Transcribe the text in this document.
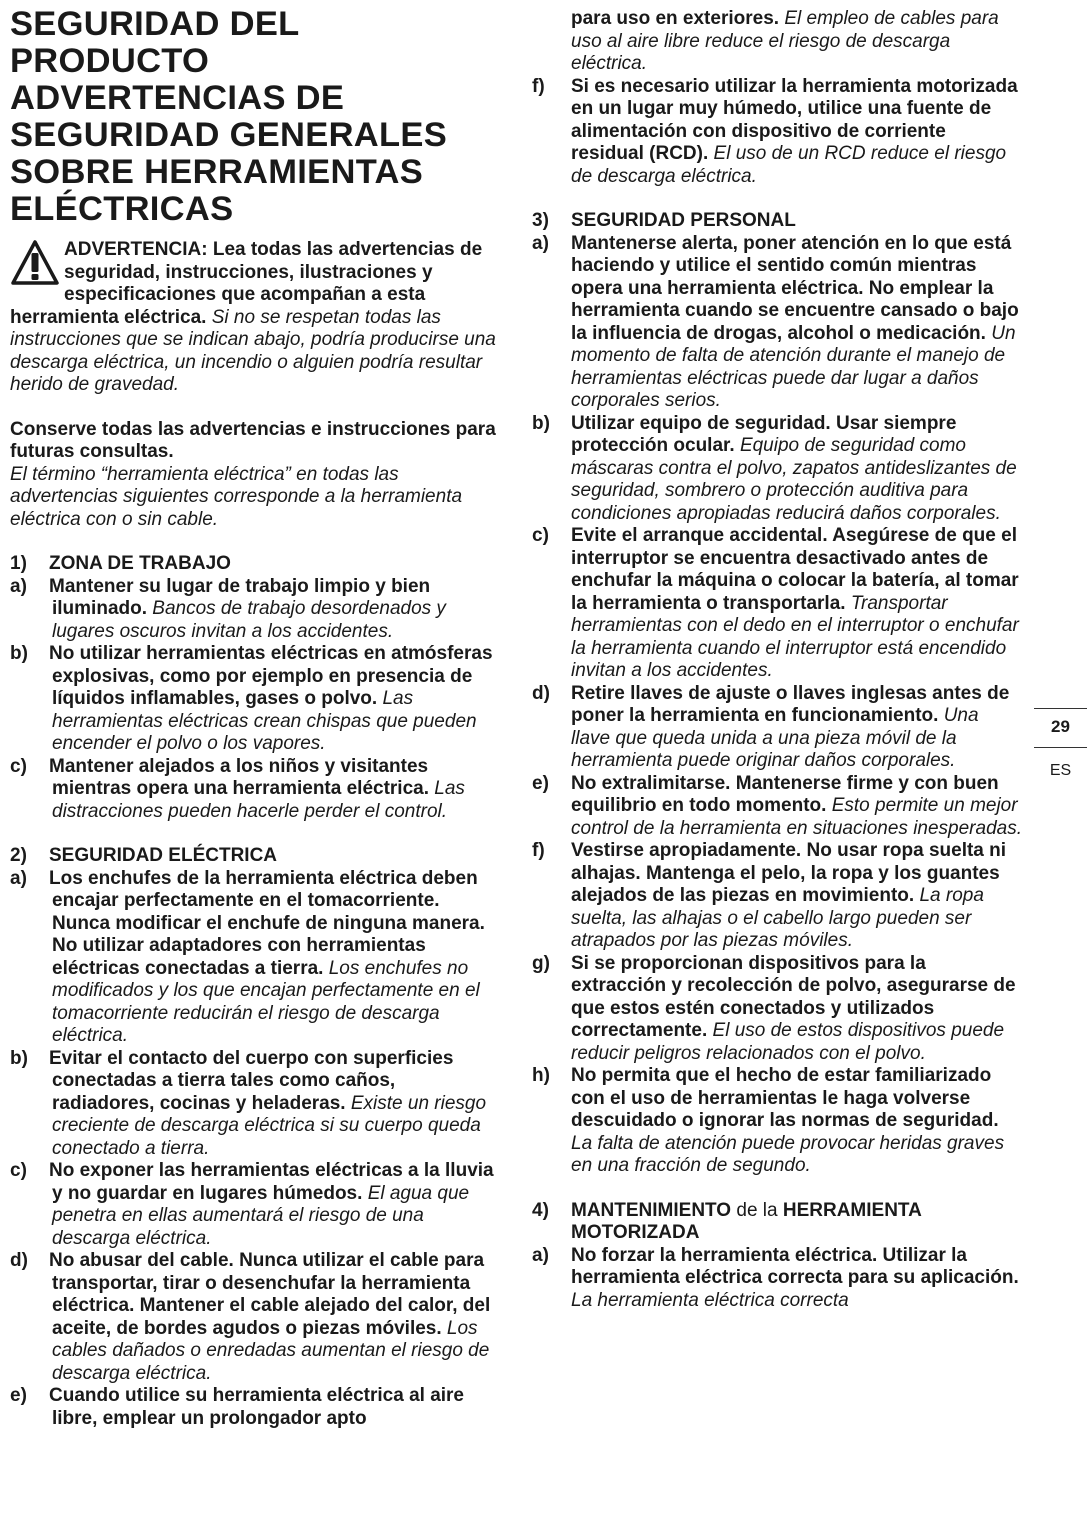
SEGURIDAD DEL
PRODUCTO
ADVERTENCIAS DE
SEGURIDAD GENERALES
SOBRE HERRAMIENTAS
ELÉCTRICAS
ADVERTENCIA: Lea todas las advertencias de seguridad, instrucciones, ilustraciones y especificaciones que acompañan a esta herramienta eléctrica. Si no se respetan todas las instrucciones que se indican abajo, podría producirse una descarga eléctrica, un incendio o alguien podría resultar herido de gravedad.

Conserve todas las advertencias e instrucciones para futuras consultas.
El término “herramienta eléctrica” en todas las advertencias siguientes corresponde a la herramienta eléctrica con o sin cable.

1)	ZONA DE TRABAJO
a)	Mantener su lugar de trabajo limpio y bien iluminado. Bancos de trabajo desordenados y lugares oscuros invitan a los accidentes.
b)	No utilizar herramientas eléctricas en atmósferas explosivas, como por ejemplo en presencia de líquidos inflamables, gases o polvo. Las herramientas eléctricas crean chispas que pueden encender el polvo o los vapores.
c)	Mantener alejados a los niños y visitantes mientras opera una herramienta eléctrica. Las distracciones pueden hacerle perder el control.
2)	SEGURIDAD ELÉCTRICA
a)	Los enchufes de la herramienta eléctrica deben encajar perfectamente en el tomacorriente. Nunca modificar el enchufe de ninguna manera. No utilizar adaptadores con herramientas eléctricas conectadas a tierra. Los enchufes no modificados y los que encajan perfectamente en el tomacorriente reducirán el riesgo de descarga eléctrica.
b)	Evitar el contacto del cuerpo con superficies conectadas a tierra tales como caños, radiadores, cocinas y heladeras. Existe un riesgo creciente de descarga eléctrica si su cuerpo queda conectado a tierra.
c)	No exponer las herramientas eléctricas a la lluvia y no guardar en lugares húmedos. El agua que penetra en ellas aumentará el riesgo de una descarga eléctrica.
d)	No abusar del cable. Nunca utilizar el cable para transportar, tirar o desenchufar la herramienta eléctrica. Mantener el cable alejado del calor, del aceite, de bordes agudos o piezas móviles. Los cables dañados o enredadas aumentan el riesgo de descarga eléctrica.
e)	Cuando utilice su herramienta eléctrica al aire libre, emplear un prolongador apto
para uso en exteriores. El empleo de cables para uso al aire libre reduce el riesgo de descarga eléctrica.
f)	Si es necesario utilizar la herramienta motorizada en un lugar muy húmedo, utilice una fuente de alimentación con dispositivo de corriente residual (RCD). El uso de un RCD reduce el riesgo de descarga eléctrica.
3)	SEGURIDAD PERSONAL
a)	Mantenerse alerta, poner atención en lo que está haciendo y utilice el sentido común mientras opera una herramienta eléctrica. No emplear la herramienta cuando se encuentre cansado o bajo la influencia de drogas, alcohol o medicación. Un momento de falta de atención durante el manejo de herramientas eléctricas puede dar lugar a daños corporales serios.
b)	Utilizar equipo de seguridad. Usar siempre protección ocular. Equipo de seguridad como máscaras contra el polvo, zapatos antideslizantes de seguridad, sombrero o protección auditiva para condiciones apropiadas reducirá daños corporales.
c)	Evite el arranque accidental. Asegúrese de que el interruptor se encuentra desactivado antes de enchufar la máquina o colocar la batería, al tomar la herramienta o transportarla. Transportar herramientas con el dedo en el interruptor o enchufar la herramienta cuando el interruptor está encendido invitan a los accidentes.
d)	Retire llaves de ajuste o llaves inglesas antes de poner la herramienta en funcionamiento. Una llave que queda unida a una pieza móvil de la herramienta puede originar daños corporales.
e)	No extralimitarse. Mantenerse firme y con buen equilibrio en todo momento. Esto permite un mejor control de la herramienta en situaciones inesperadas.
f)	Vestirse apropiadamente. No usar ropa suelta ni alhajas. Mantenga el pelo, la ropa y los guantes alejados de las piezas en movimiento. La ropa suelta, las alhajas o el cabello largo pueden ser atrapados por las piezas móviles.
g)	Si se proporcionan dispositivos para la extracción y recolección de polvo, asegurarse de que estos estén conectados y utilizados correctamente. El uso de estos dispositivos puede reducir peligros relacionados con el polvo.
h)	No permita que el hecho de estar familiarizado con el uso de herramientas le haga volverse descuidado o ignorar las normas de seguridad. La falta de atención puede provocar heridas graves en una fracción de segundo.
4)	MANTENIMIENTO de la HERRAMIENTA MOTORIZADA
a)	No forzar la herramienta eléctrica. Utilizar la herramienta eléctrica correcta para su aplicación. La herramienta eléctrica correcta
29
ES
